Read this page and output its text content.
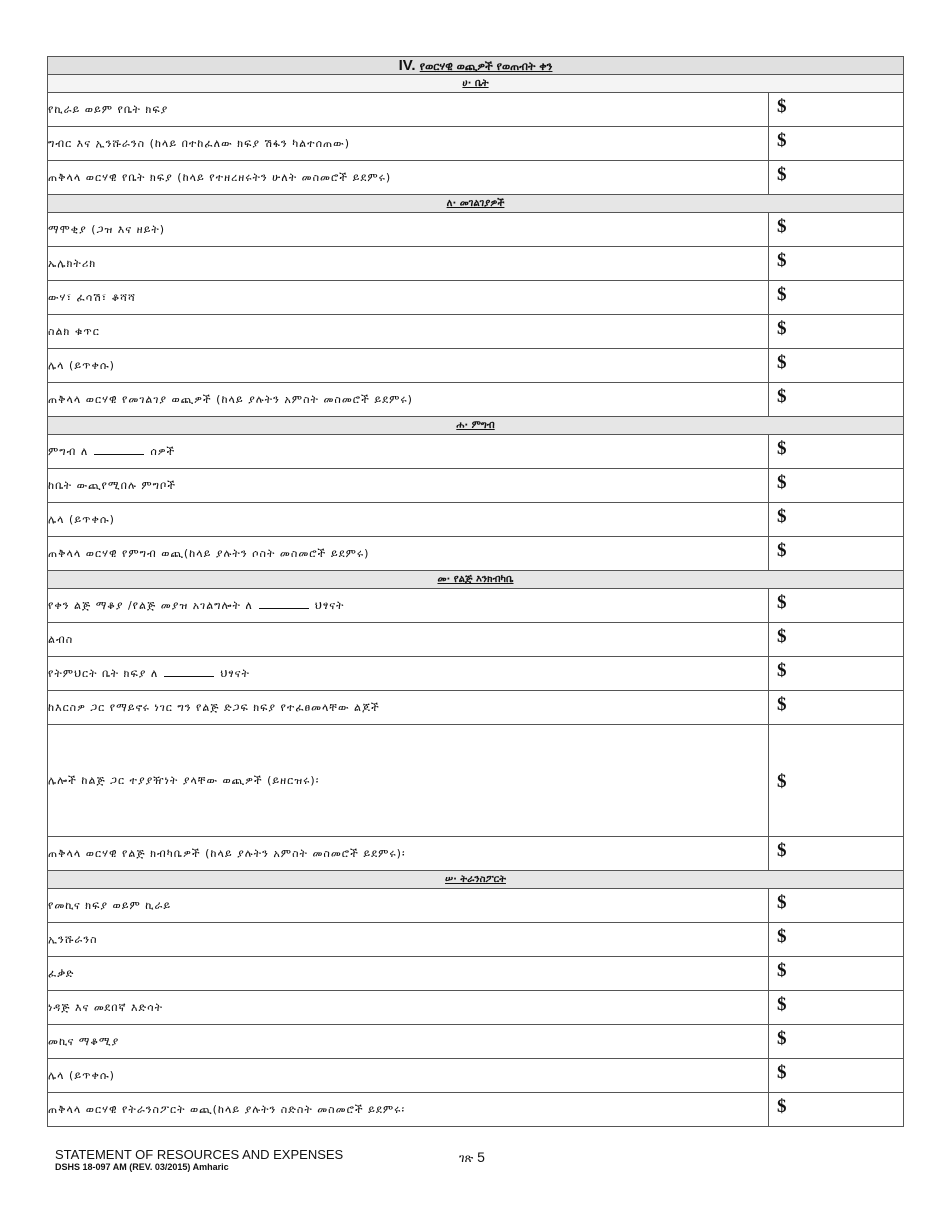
IV. የወርሃዊ ወጪዎች የወጠብት ቀን	
ሀ· ቤት	
የኪራይ ወይም የቤት ክፍያ	$

ግብር እና ኢንሹራንስ (ከላይ በተከፈለው ክፍያ ሽፋን ካልተሰጠው)	$

ጠቅላላ ወርሃዊ የቤት ክፍያ (ከላይ የተዘረዘሩትን ሁለት መስመሮች ይደምሩ)	$

ለ· መገልገያዎች	
ማሞቂያ (ጋዝ እና ዘይት)	$

ኤሌክትሪክ	$

ውሃ፣ ፈሳሽ፣ ቆሻሻ	$

ስልክ ቁጥር	$

ሌላ (ይጥቀሱ)	$

ጠቅላላ ወርሃዊ የመገልገያ ወጪዎች (ከላይ ያሉትን አምስት መስመሮች ይደምሩ)	$

ሐ· ምግብ	
ምግብ ለ ሰዎች	$

ከቤት ውጪየሚበሉ ምግቦች	$

ሌላ (ይጥቀሱ)	$

ጠቅላላ ወርሃዊ የምግብ ወጪ(ከላይ ያሉትን ሶስት መስመሮች ይደምሩ)	$

መ· የልጅ እንክብካቤ	
የቀን ልጅ ማቆያ /የልጅ መያዝ አገልግሎት ለ ህፃናት	$

ልብስ	$

የትምህርት ቤት ክፍያ ለ ህፃናት	$

ከእርስዎ ጋር የማይኖሩ ነገር ግን የልጅ ድጋፍ ክፍያ የተፈፀመላቸው ልጆች	$

ሌሎች ከልጅ ጋር ተያያዥነት ያላቸው ወጪዎች (ይዘርዝሩ)፡	$

ጠቅላላ ወርሃዊ የልጅ ክብካቤዎች (ከላይ ያሉትን አምስት መስመሮች ይደምሩ)፡	$

ሠ· ትራንስፖርት	
የመኪና ክፍያ ወይም ኪራይ	$

ኢንሹራንስ	$

ፈቃድ	$

ነዳጅ እና መደበኛ እድሳት	$

መኪና ማቆሚያ	$

ሌላ (ይጥቀሱ)	$

ጠቅላላ ወርሃዊ የትራንስፖርት ወጪ(ከላይ ያሉትን ስድስት መስመሮች ይደምሩ፡	$
STATEMENT OF RESOURCES AND EXPENSES
DSHS 18-097 AM (REV. 03/2015) Amharic
ገጽ 5
